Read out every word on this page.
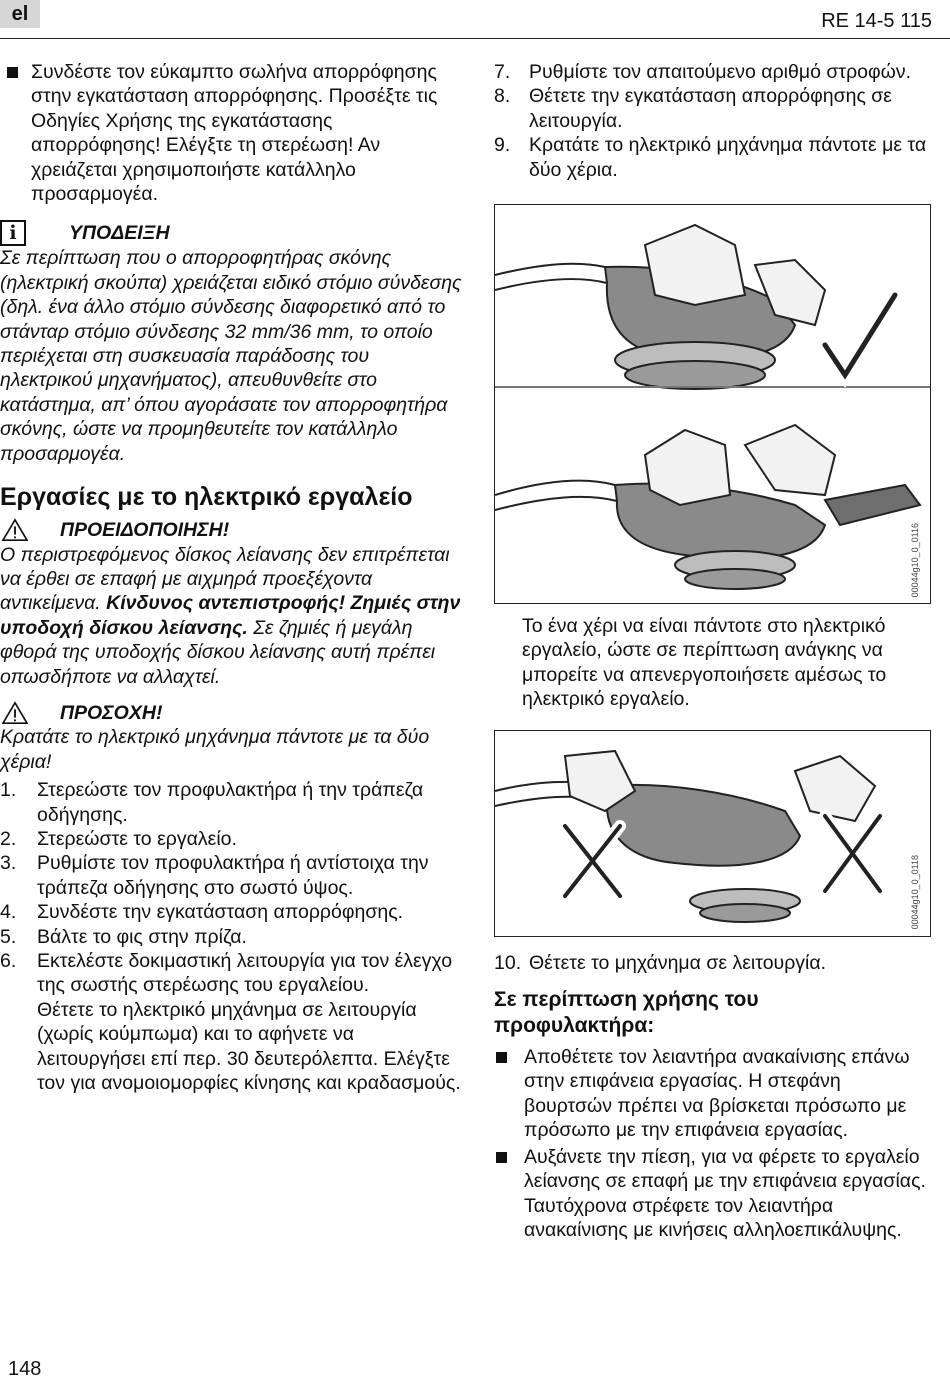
el	RE 14-5 115
Συνδέστε τον εύκαμπτο σωλήνα απορρόφησης στην εγκατάσταση απορρόφησης. Προσέξτε τις Οδηγίες Χρήσης της εγκατάστασης απορρόφησης! Ελέγξτε τη στερέωση! Αν χρειάζεται χρησιμοποιήστε κατάλληλο προσαρμογέα.
i	ΥΠΟΔΕΙΞΗ
Σε περίπτωση που ο απορροφητήρας σκόνης (ηλεκτρική σκούπα) χρειάζεται ειδικό στόμιο σύνδεσης (δηλ. ένα άλλο στόμιο σύνδεσης διαφορετικό από το στάνταρ στόμιο σύνδεσης 32 mm/36 mm, το οποίο περιέχεται στη συσκευασία παράδοσης του ηλεκτρικού μηχανήματος), απευθυνθείτε στο κατάστημα, απ’ όπου αγοράσατε τον απορροφητήρα σκόνης, ώστε να προμηθευτείτε τον κατάλληλο προσαρμογέα.
Εργασίες με το ηλεκτρικό εργαλείο
ΠΡΟΕΙΔΟΠΟΙΗΣΗ!
Ο περιστρεφόμενος δίσκος λείανσης δεν επιτρέπεται να έρθει σε επαφή με αιχμηρά προεξέχοντα αντικείμενα. Κίνδυνος αντεπιστροφής! Ζημιές στην υποδοχή δίσκου λείανσης. Σε ζημιές ή μεγάλη φθορά της υποδοχής δίσκου λείανσης αυτή πρέπει οπωσδήποτε να αλλαχτεί.
ΠΡΟΣΟΧΗ!
Κρατάτε το ηλεκτρικό μηχάνημα πάντοτε με τα δύο χέρια!
1. Στερεώστε τον προφυλακτήρα ή την τράπεζα οδήγησης.
2. Στερεώστε το εργαλείο.
3. Ρυθμίστε τον προφυλακτήρα ή αντίστοιχα την τράπεζα οδήγησης στο σωστό ύψος.
4. Συνδέστε την εγκατάσταση απορρόφησης.
5. Βάλτε το φις στην πρίζα.
6. Εκτελέστε δοκιμαστική λειτουργία για τον έλεγχο της σωστής στερέωσης του εργαλείου.
Θέτετε το ηλεκτρικό μηχάνημα σε λειτουργία (χωρίς κούμπωμα) και το αφήνετε να λειτουργήσει επί περ. 30 δευτερόλεπτα. Ελέγξτε τον για ανομοιομορφίες κίνησης και κραδασμούς.
7. Ρυθμίστε τον απαιτούμενο αριθμό στροφών.
8. Θέτετε την εγκατάσταση απορρόφησης σε λειτουργία.
9. Κρατάτε το ηλεκτρικό μηχάνημα πάντοτε με τα δύο χέρια.
00044g10_0_0116
Το ένα χέρι να είναι πάντοτε στο ηλεκτρικό εργαλείο, ώστε σε περίπτωση ανάγκης να μπορείτε να απενεργοποιήσετε αμέσως το ηλεκτρικό εργαλείο.
00044g10_0_0118
10. Θέτετε το μηχάνημα σε λειτουργία.
Σε περίπτωση χρήσης του προφυλακτήρα:
Αποθέτετε τον λειαντήρα ανακαίνισης επάνω στην επιφάνεια εργασίας. Η στεφάνη βουρτσών πρέπει να βρίσκεται πρόσωπο με πρόσωπο με την επιφάνεια εργασίας.
Αυξάνετε την πίεση, για να φέρετε το εργαλείο λείανσης σε επαφή με την επιφάνεια εργασίας. Ταυτόχρονα στρέφετε τον λειαντήρα ανακαίνισης με κινήσεις αλληλοεπικάλυψης.
148
